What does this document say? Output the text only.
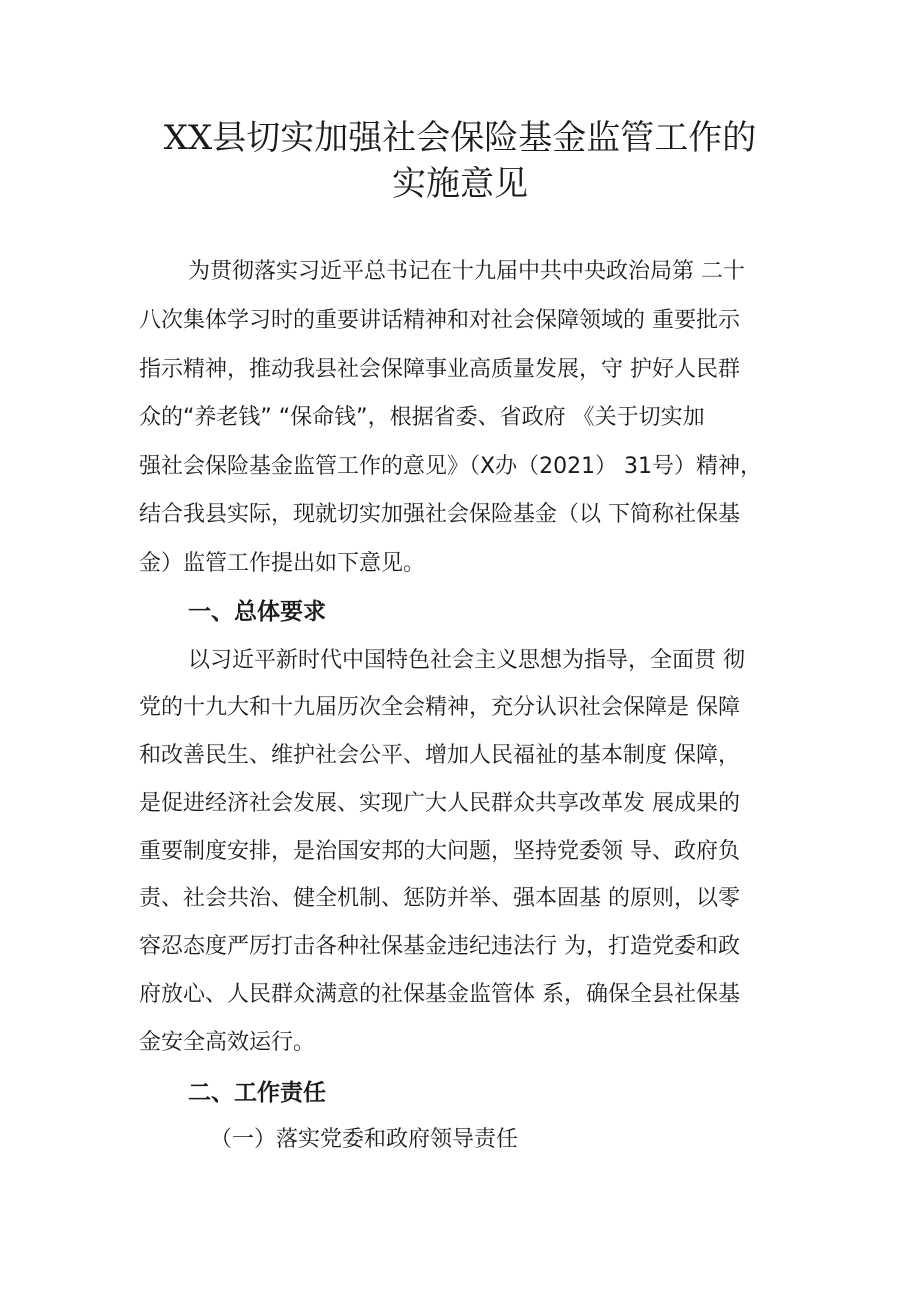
XX县切实加强社会保险基金监管工作的
实施意见
为贯彻落实习近平总书记在十九届中共中央政治局第 二十
八次集体学习时的重要讲话精神和对社会保障领域的 重要批示
指示精神，推动我县社会保障事业高质量发展，守 护好人民群
众的“养老钱” “保命钱”，根据省委、省政府 《关于切实加
强社会保险基金监管工作的意见》（X办（2021） 31号）精神，
结合我县实际，现就切实加强社会保险基金（以 下简称社保基
金）监管工作提出如下意见。
一、总体要求
以习近平新时代中国特色社会主义思想为指导，全面贯 彻
党的十九大和十九届历次全会精神，充分认识社会保障是 保障
和改善民生、维护社会公平、增加人民福祉的基本制度 保障，
是促进经济社会发展、实现广大人民群众共享改革发 展成果的
重要制度安排，是治国安邦的大问题，坚持党委领 导、政府负
责、社会共治、健全机制、惩防并举、强本固基 的原则，以零
容忍态度严厉打击各种社保基金违纪违法行 为，打造党委和政
府放心、人民群众满意的社保基金监管体 系，确保全县社保基
金安全高效运行。
二、工作责任
（一）落实党委和政府领导责任
